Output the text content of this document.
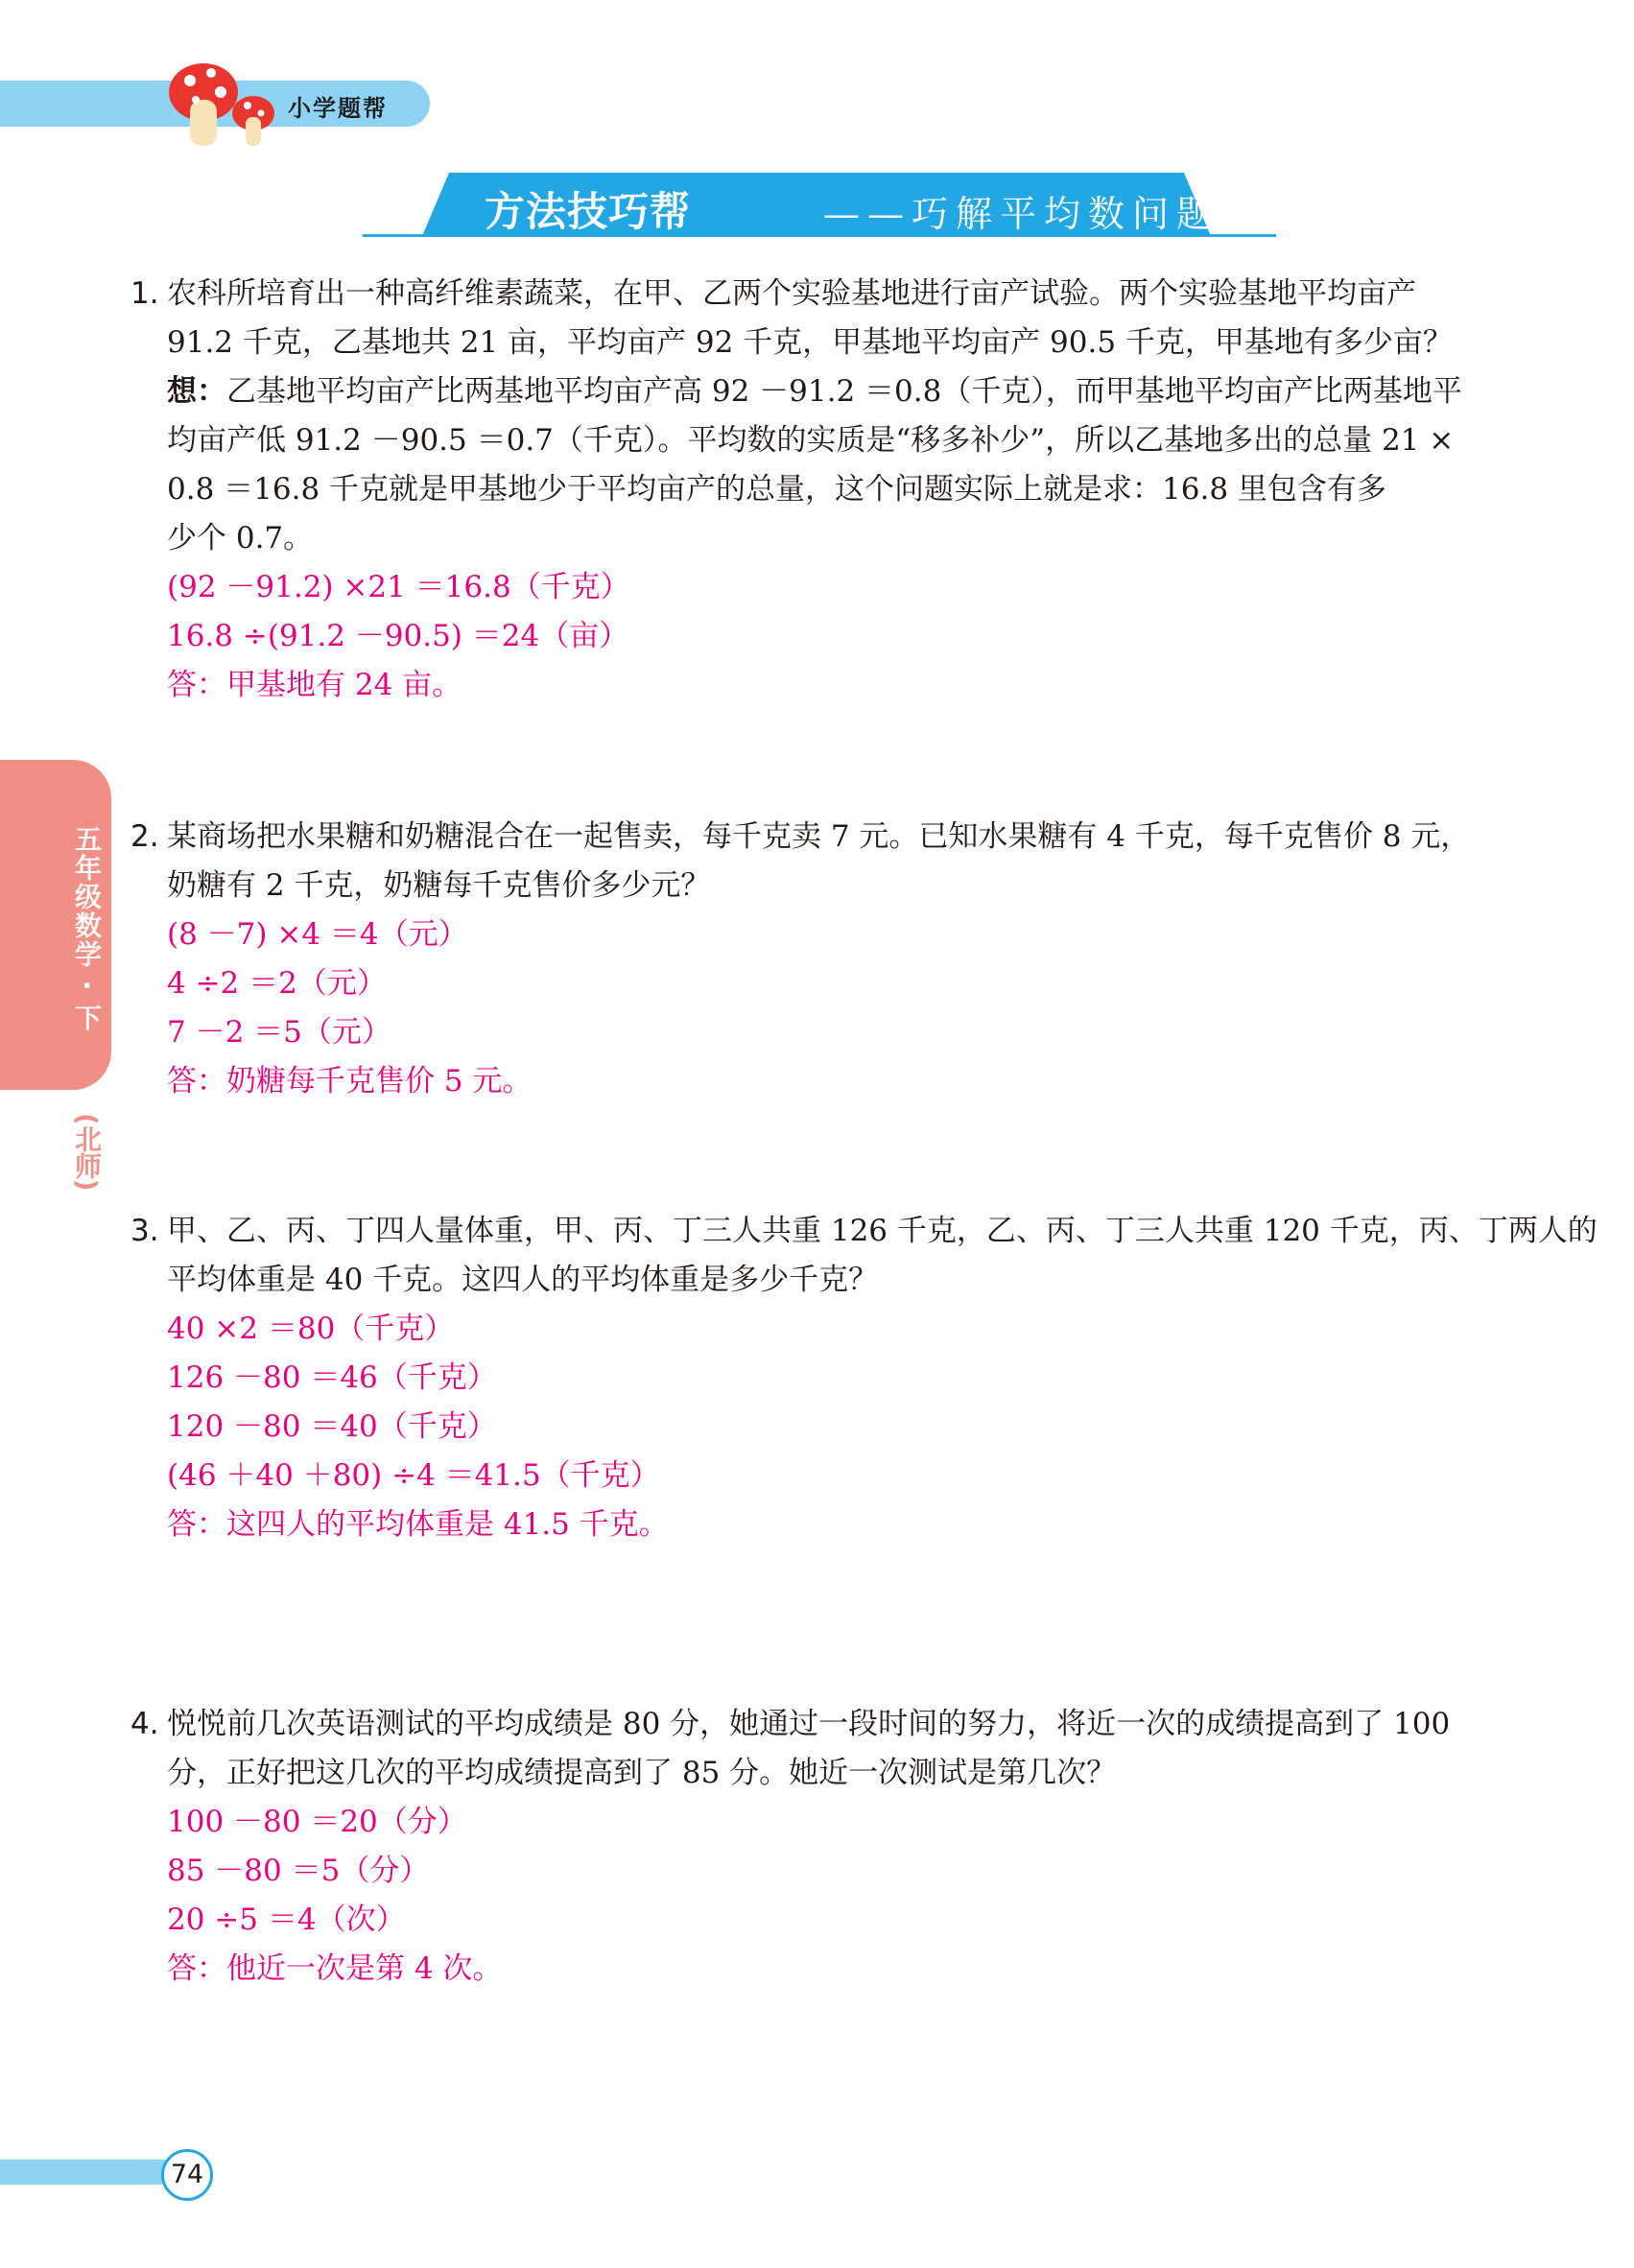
小学题帮
方法技巧帮	——巧解平均数问题
五年级数学 · 下
(北师)
1. 农科所培育出一种高纤维素蔬菜，在甲、乙两个实验基地进行亩产试验。两个实验基地平均亩产
91.2 千克，乙基地共 21 亩，平均亩产 92 千克，甲基地平均亩产 90.5 千克，甲基地有多少亩？
想：乙基地平均亩产比两基地平均亩产高 92 －91.2 ＝0.8（千克），而甲基地平均亩产比两基地平
均亩产低 91.2 －90.5 ＝0.7（千克）。平均数的实质是“移多补少”，所以乙基地多出的总量 21 ×
0.8 ＝16.8 千克就是甲基地少于平均亩产的总量，这个问题实际上就是求：16.8 里包含有多
少个 0.7。
(92 －91.2) ×21 ＝16.8（千克）
16.8 ÷(91.2 －90.5) ＝24（亩）
答：甲基地有 24 亩。
2. 某商场把水果糖和奶糖混合在一起售卖，每千克卖 7 元。已知水果糖有 4 千克，每千克售价 8 元，
奶糖有 2 千克，奶糖每千克售价多少元？
(8 －7) ×4 ＝4（元）
4 ÷2 ＝2（元）
7 －2 ＝5（元）
答：奶糖每千克售价 5 元。
3. 甲、乙、丙、丁四人量体重，甲、丙、丁三人共重 126 千克，乙、丙、丁三人共重 120 千克，丙、丁两人的
平均体重是 40 千克。这四人的平均体重是多少千克？
40 ×2 ＝80（千克）
126 －80 ＝46（千克）
120 －80 ＝40（千克）
(46 ＋40 ＋80) ÷4 ＝41.5（千克）
答：这四人的平均体重是 41.5 千克。
4. 悦悦前几次英语测试的平均成绩是 80 分，她通过一段时间的努力，将近一次的成绩提高到了 100
分，正好把这几次的平均成绩提高到了 85 分。她近一次测试是第几次？
100 －80 ＝20（分）
85 －80 ＝5（分）
20 ÷5 ＝4（次）
答：他近一次是第 4 次。
74
